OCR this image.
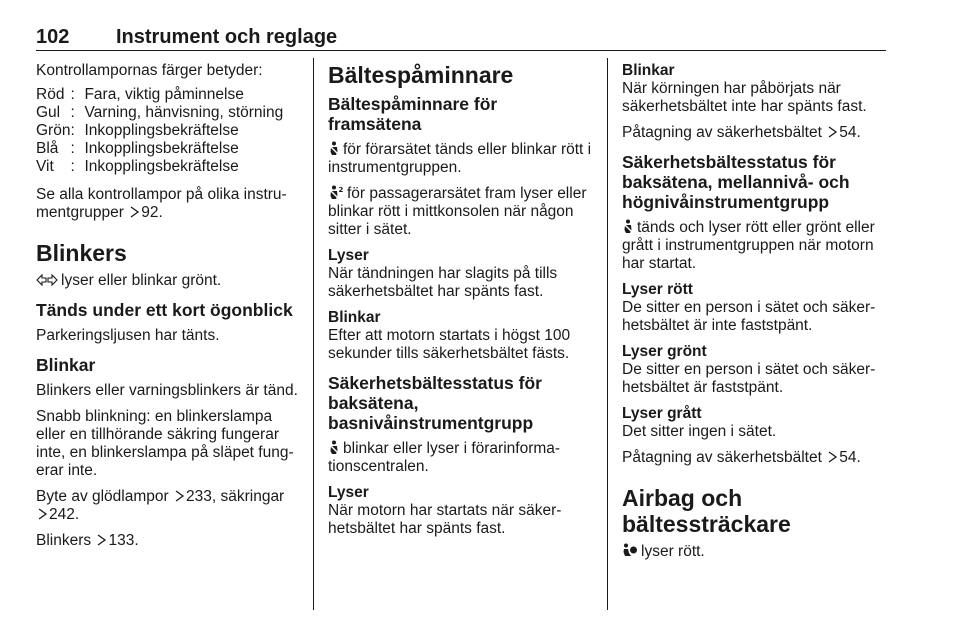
102 Instrument och reglage

Kontrollampornas färger betyder:

Röd	:	Fara, viktig påminnelse
Gul	:	Varning, hänvisning, störning
Grön	:	Inkopplingsbekräftelse
Blå	:	Inkopplingsbekräftelse
Vit	:	Inkopplingsbekräftelse

Se alla kontrollampor på olika instru-mentgrupper 92.

Blinkers

lyser eller blinkar grönt.

Tänds under ett kort ögonblick

Parkeringsljusen har tänts.

Blinkar

Blinkers eller varningsblinkers är tänd.

Snabb blinkning: en blinkerslampa eller en tillhörande säkring fungerar inte, en blinkerslampa på släpet fung-erar inte.

Byte av glödlampor 233, säkringar
242.

Blinkers 133.

Bältespåminnare
Bältespåminnare för framsätena

för förarsätet tänds eller blinkar rött i instrumentgruppen.

2 för passagerarsätet fram lyser eller blinkar rött i mittkonsolen när någon sitter i sätet.

Lyser

När tändningen har slagits på tills säkerhetsbältet har spänts fast.

Blinkar

Efter att motorn startats i högst 100 sekunder tills säkerhetsbältet fästs.

Säkerhetsbältesstatus för baksätena, basnivåinstrumentgrupp

blinkar eller lyser i förarinforma-tionscentralen.

Lyser

När motorn har startats när säker-hetsbältet har spänts fast.

Blinkar

När körningen har påbörjats när säkerhetsbältet inte har spänts fast.

Påtagning av säkerhetsbältet 54.

Säkerhetsbältesstatus för baksätena, mellannivå- och högnivåinstrumentgrupp

tänds och lyser rött eller grönt eller grått i instrumentgruppen när motorn har startat.

Lyser rött

De sitter en person i sätet och säker-hetsbältet är inte faststpänt.

Lyser grönt

De sitter en person i sätet och säker-hetsbältet är faststpänt.

Lyser grått

Det sitter ingen i sätet.

Påtagning av säkerhetsbältet 54.

Airbag och bältessträckare

lyser rött.
